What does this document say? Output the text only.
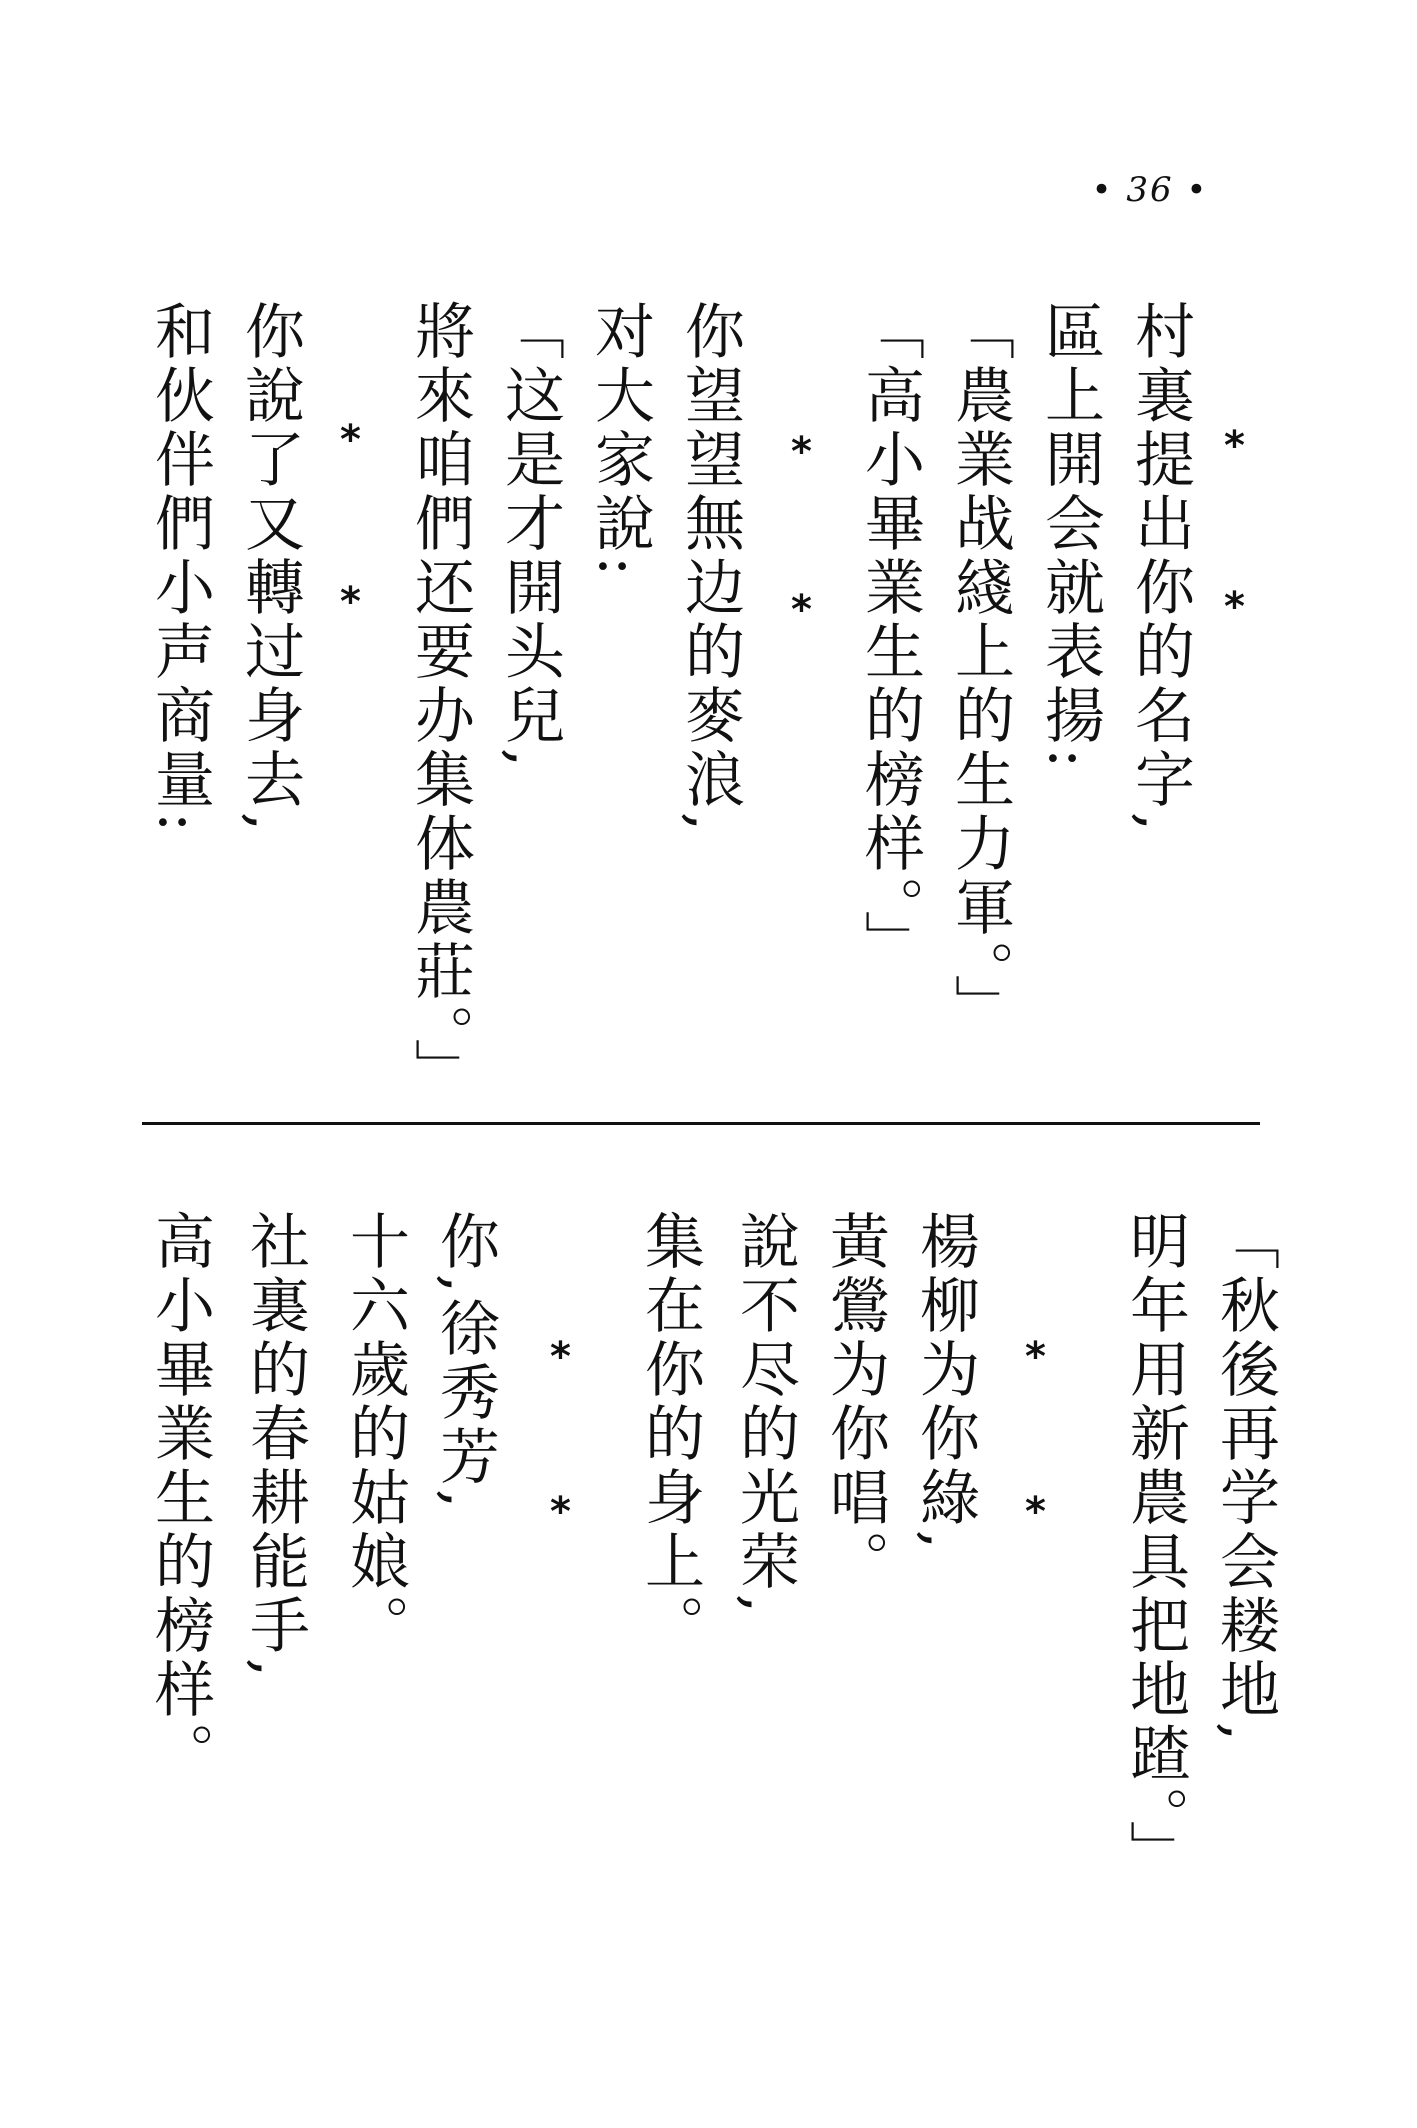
• 36 •
村裏提出你的名字,
區上開会就表揚:
「農業战綫上的生力軍。」
「高小畢業生的榜样。」
你望望無边的麥浪,
对大家說:
「这是才開头兒,
將來咱們还要办集体農莊。」
你說了又轉过身去,
和伙伴們小声商量:	*
*
*
*
*
*
「秋後再学会耧地,
明年用新農具把地蹅。」
楊柳为你綠,
黃鶯为你唱。
說不尽的光荣,
集在你的身上。
你,徐秀芳,
十六歲的姑娘。
社裏的春耕能手,
高小畢業生的榜样。	*
*
*
*
